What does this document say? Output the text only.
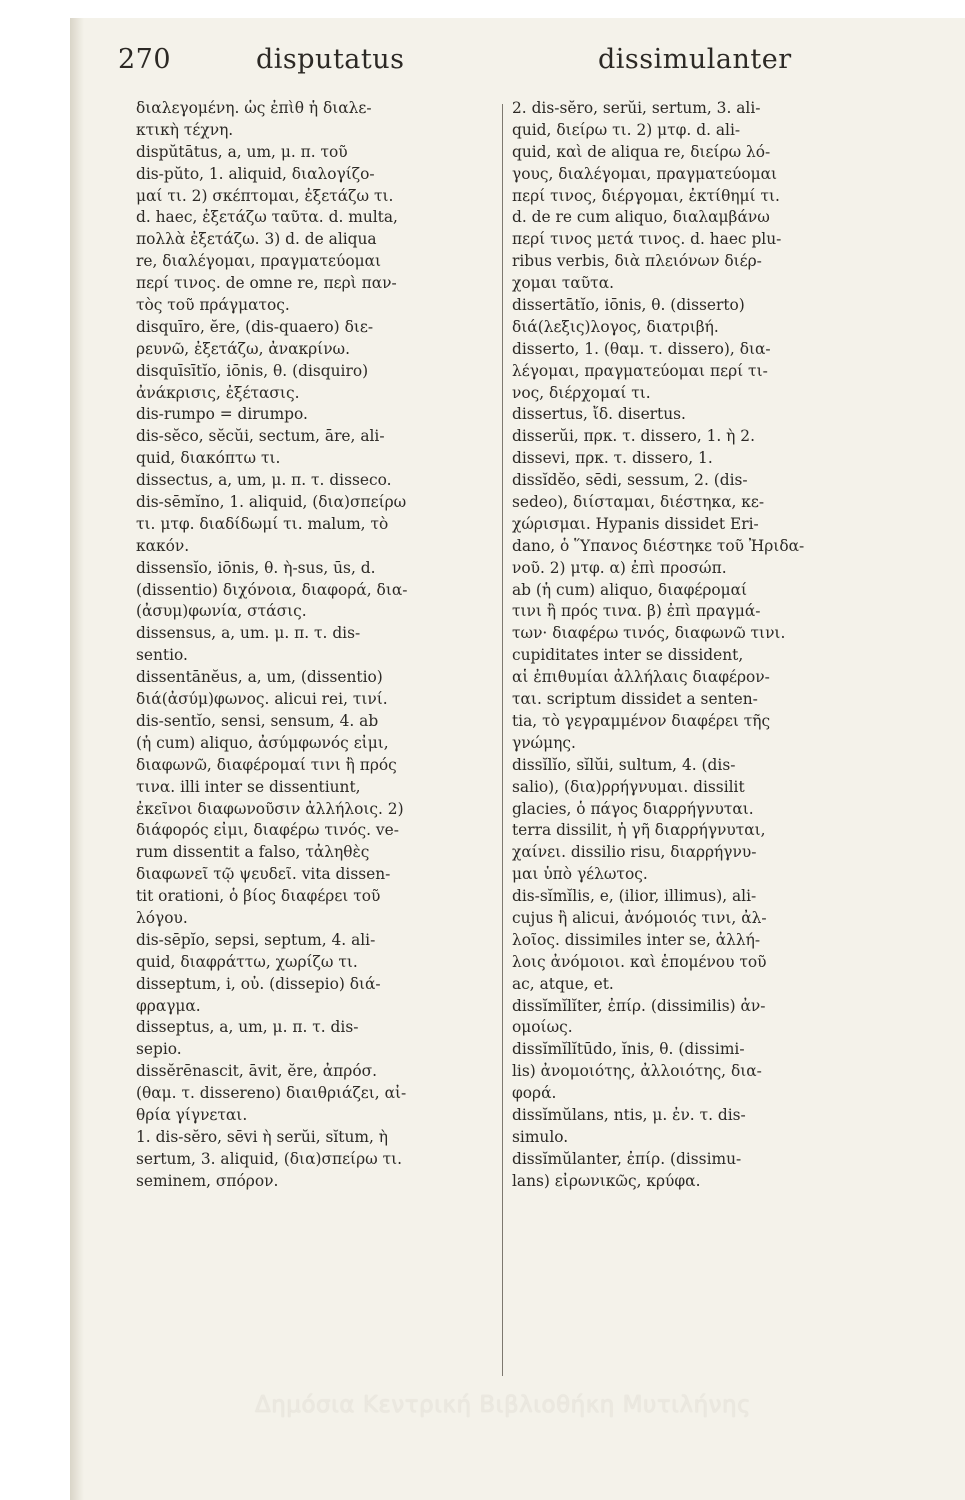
270	disputatus	dissimulanter
διαλεγομένη. ὡς ἐπὶθ ἡ διαλε-
κτικὴ τέχνη.
dispŭtātus, a, um, μ. π. τοῦ
dis-pŭto, 1. aliquid, διαλογίζο-
μαί τι. 2) σκέπτομαι, ἐξετάζω τι.
d. haec, ἐξετάζω ταῦτα. d. multa,
πολλὰ ἐξετάζω. 3) d. de aliqua
re, διαλέγομαι, πραγματεύομαι
περί τινος. de omne re, περὶ παν-
τὸς τοῦ πράγματος.
disquīro, ĕre, (dis-quaero) διε-
ρευνῶ, ἐξετάζω, ἀνακρίνω.
disquīsītĭo, iōnis, θ. (disquiro)
ἀνάκρισις, ἐξέτασις.
dis-rumpo = dirumpo.
dis-sĕco, sĕcŭi, sectum, āre, ali-
quid, διακόπτω τι.
dissectus, a, um, μ. π. τ. disseco.
dis-sēmĭno, 1. aliquid, (δια)σπείρω
τι. μτφ. διαδίδωμί τι. malum, τὸ
κακόν.
dissensĭo, iōnis, θ. ὴ-sus, ūs, d.
(dissentio) διχόνοια, διαφορά, δια-
(ἀσυμ)φωνία, στάσις.
dissensus, a, um. μ. π. τ. dis-
sentio.
dissentānĕus, a, um, (dissentio)
διά(ἀσύμ)φωνος. alicui rei, τινί.
dis-sentĭo, sensi, sensum, 4. ab
(ἡ cum) aliquo, ἀσύμφωνός εἰμι,
διαφωνῶ, διαφέρομαί τινι ἢ πρός
τινα. illi inter se dissentiunt,
ἐκεῖνοι διαφωνοῦσιν ἀλλήλοις. 2)
διάφορός εἰμι, διαφέρω τινός. ve-
rum dissentit a falso, τἀληθὲς
διαφωνεῖ τῷ ψευδεῖ. vita dissen-
tit orationi, ὁ βίος διαφέρει τοῦ
λόγου.
dis-sēpĭo, sepsi, septum, 4. ali-
quid, διαφράττω, χωρίζω τι.
disseptum, i, οὐ. (dissepio) διά-
φραγμα.
disseptus, a, um, μ. π. τ. dis-
sepio.
dissĕrēnascit, āvit, ĕre, ἀπρόσ.
(θαμ. τ. dissereno) διαιθριάζει, αἰ-
θρία γίγνεται.
1. dis-sĕro, sēvi ὴ serŭi, sĭtum, ὴ
sertum, 3. aliquid, (δια)σπείρω τι.
seminem, σπόρον.
2. dis-sĕro, serŭi, sertum, 3. ali-
quid, διείρω τι. 2) μτφ. d. ali-
quid, καὶ de aliqua re, διείρω λό-
γους, διαλέγομαι, πραγματεύομαι
περί τινος, διέργομαι, ἐκτίθημί τι.
d. de re cum aliquo, διαλαμβάνω
περί τινος μετά τινος. d. haec plu-
ribus verbis, διὰ πλειόνων διέρ-
χομαι ταῦτα.
dissertātĭo, iōnis, θ. (disserto)
διά(λεξις)λογος, διατριβή.
disserto, 1. (θαμ. τ. dissero), δια-
λέγομαι, πραγματεύομαι περί τι-
νος, διέρχομαί τι.
dissertus, ἴδ. disertus.
disserŭi, πρκ. τ. dissero, 1. ὴ 2.
dissevi, πρκ. τ. dissero, 1.
dissĭdĕo, sēdi, sessum, 2. (dis-
sedeo), διίσταμαι, διέστηκα, κε-
χώρισμαι. Hypanis dissidet Eri-
dano, ὁ Ὕπανος διέστηκε τοῦ Ἠριδα-
νοῦ. 2) μτφ. α) ἐπὶ προσώπ.
ab (ἡ cum) aliquo, διαφέρομαί
τινι ἢ πρός τινα. β) ἐπὶ πραγμά-
των· διαφέρω τινός, διαφωνῶ τινι.
cupiditates inter se dissident,
αἱ ἐπιθυμίαι ἀλλήλαις διαφέρον-
ται. scriptum dissidet a senten-
tia, τὸ γεγραμμένον διαφέρει τῆς
γνώμης.
dissĭlĭo, sĭlŭi, sultum, 4. (dis-
salio), (δια)ρρήγνυμαι. dissilit
glacies, ὁ πάγος διαρρήγνυται.
terra dissilit, ἡ γῆ διαρρήγνυται,
χαίνει. dissilio risu, διαρρήγνυ-
μαι ὑπὸ γέλωτος.
dis-sĭmĭlis, e, (ilior, illimus), ali-
cujus ἢ alicui, ἀνόμοιός τινι, ἀλ-
λοῖος. dissimiles inter se, ἀλλή-
λοις ἀνόμοιοι. καὶ ἑπομένου τοῦ
ac, atque, et.
dissĭmĭlĭter, ἐπίρ. (dissimilis) ἀν-
ομοίως.
dissĭmĭlĭtūdo, ĭnis, θ. (dissimi-
lis) ἀνομοιότης, ἀλλοιότης, δια-
φορά.
dissĭmŭlans, ntis, μ. ἐν. τ. dis-
simulo.
dissĭmŭlanter, ἐπίρ. (dissimu-
lans) εἰρωνικῶς, κρύφα.
Δημόσια Κεντρική Βιβλιοθήκη Μυτιλήνης
